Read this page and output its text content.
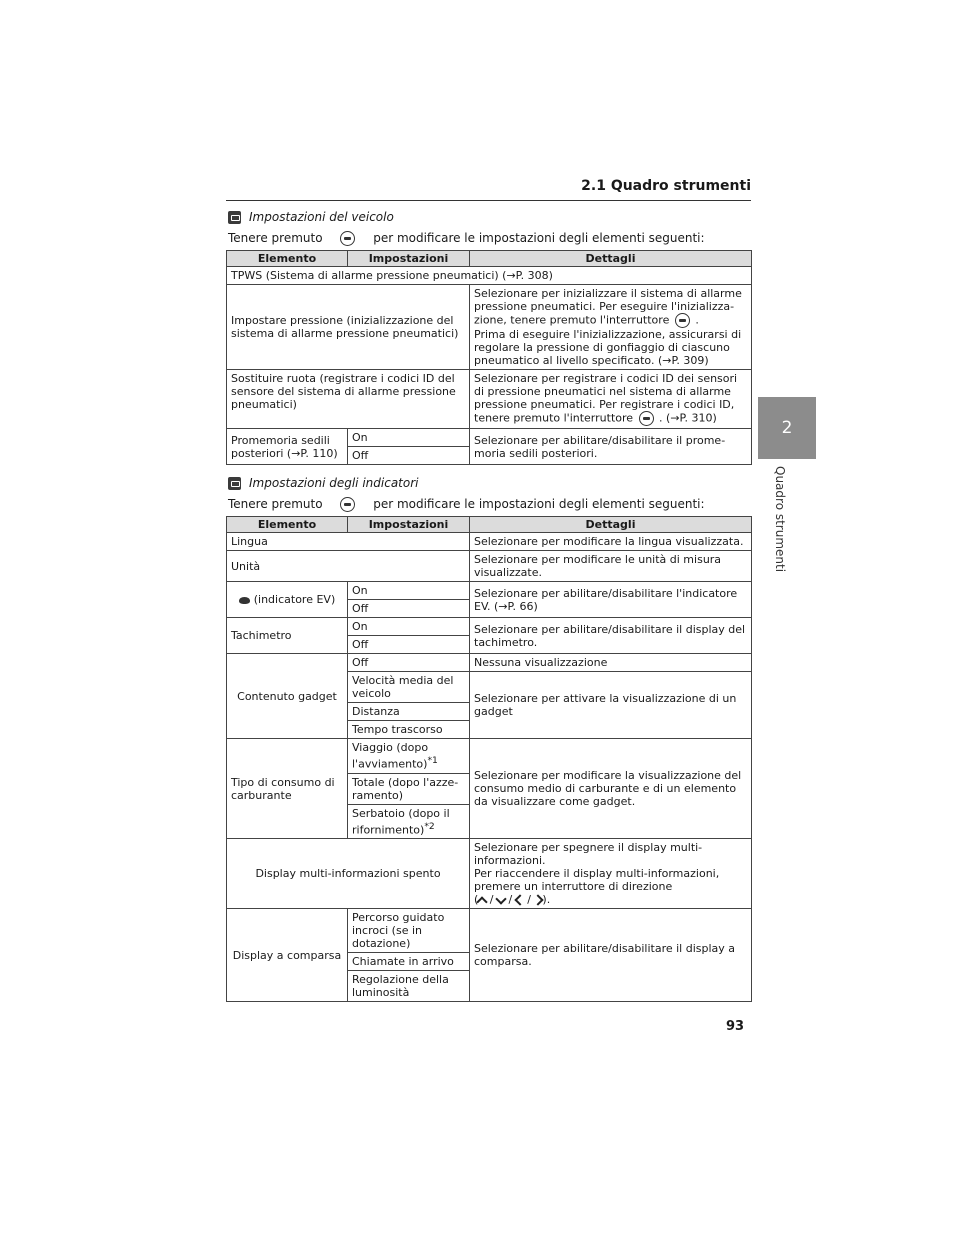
2.1 Quadro strumenti
2
Quadro strumenti
Impostazioni del veicolo
Tenere premuto	per modificare le impostazioni degli elementi seguenti:
Elemento	Impostazioni	Dettagli
TPWS (Sistema di allarme pressione pneumatici) (→P. 308)		
Impostare pressione (inizializzazione del sistema di allarme pressione pneumatici)		Selezionare per inizializzare il sistema di allarme pressione pneumatici. Per eseguire l'inizializza-zione, tenere premuto l'interruttore .
Prima di eseguire l'inizializzazione, assicurarsi di regolare la pressione di gonfiaggio di ciascuno pneumatico al livello specificato. (→P. 309)
Sostituire ruota (registrare i codici ID del sensore del sistema di allarme pressione pneumatici)		Selezionare per registrare i codici ID dei sensori di pressione pneumatici nel sistema di allarme pressione pneumatici. Per registrare i codici ID, tenere premuto l'interruttore . (→P. 310)
Promemoria sedili posteriori (→P. 110)	On	Selezionare per abilitare/disabilitare il prome-moria sedili posteriori.
	Off	
Impostazioni degli indicatori
Tenere premuto	per modificare le impostazioni degli elementi seguenti:
Elemento	Impostazioni	Dettagli
Lingua		Selezionare per modificare la lingua visualizzata.
Unità		Selezionare per modificare le unità di misura visualizzate.
(indicatore EV)	On	Selezionare per abilitare/disabilitare l'indicatore EV. (→P. 66)
	Off	
Tachimetro	On	Selezionare per abilitare/disabilitare il display del tachimetro.
	Off	
Contenuto gadget	Off	Nessuna visualizzazione
	Velocità media del veicolo	Selezionare per attivare la visualizzazione di un gadget
	Distanza	
	Tempo trascorso	
Tipo di consumo di carburante	Viaggio (dopo l'avviamento)$^{*1}$	Selezionare per modificare la visualizzazione del consumo medio di carburante e di un elemento da visualizzare come gadget.
	Totale (dopo l'azze-ramento)	
	Serbatoio (dopo il rifornimento)$^{*2}$
Display multi-informazioni spento		Selezionare per spegnere il display multi-informazioni.
Per riaccendere il display multi-informazioni, premere un interruttore di direzione
( /  /  / ).
Display a comparsa	Percorso guidato incroci (se in dotazione)	Selezionare per abilitare/disabilitare il display a comparsa.
	Chiamate in arrivo	
	Regolazione della luminosità	
93
